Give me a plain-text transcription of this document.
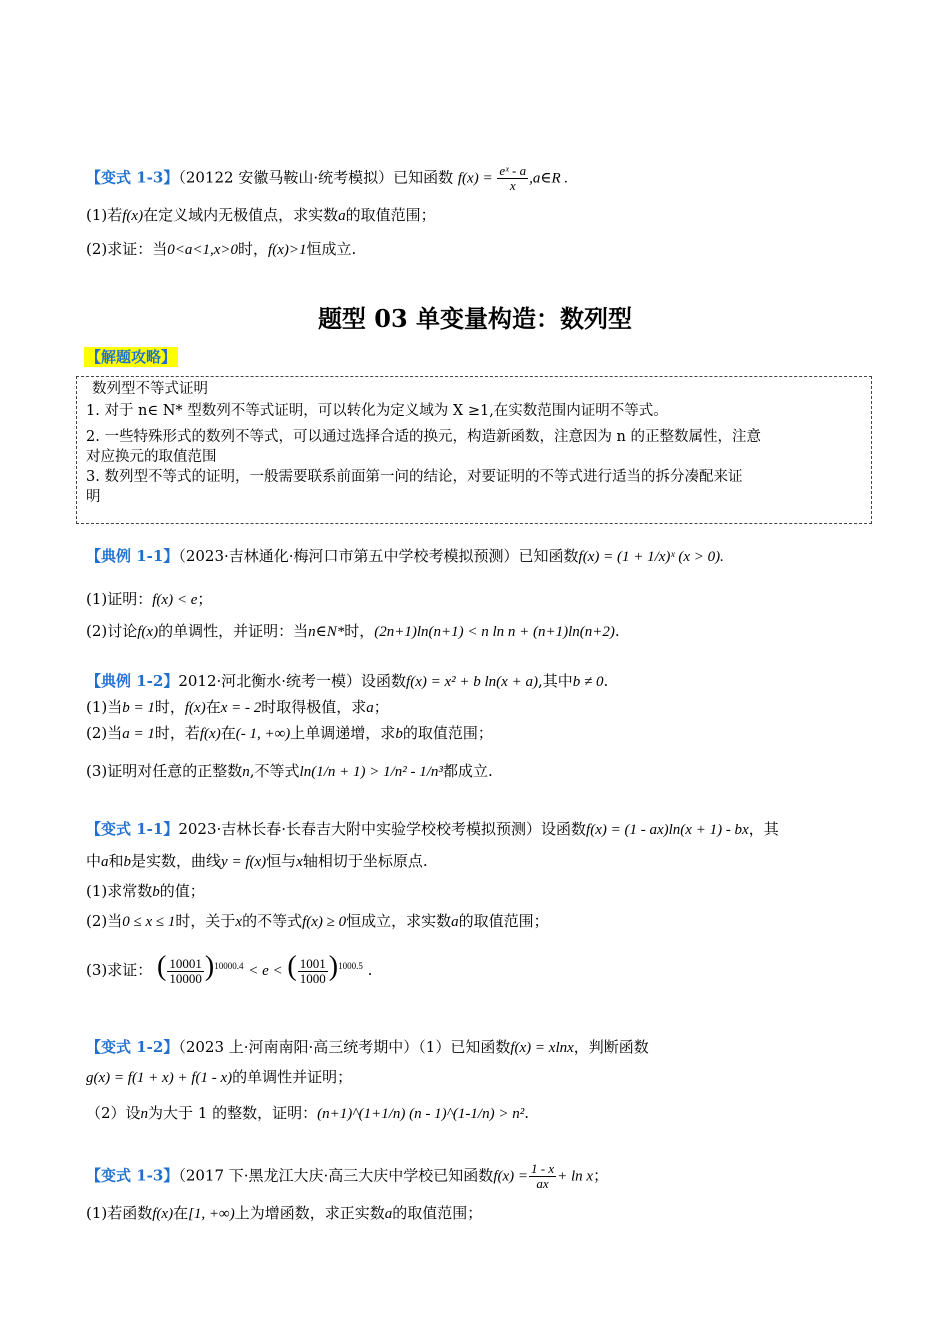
【变式 1-3】（20122 安徽马鞍山·统考模拟）已知函数 $f(x) = \frac{\text{eˣ - a}}{x}$ ,a∈R .
(1)若f(x)在定义域内无极值点，求实数a的取值范围；
(2)求证：当0<a<1,x>0时，f(x)>1恒成立.
题型 03 单变量构造：数列型
【解题攻略】
数列型不等式证明
1. 对于 n∈ N* 型数列不等式证明，可以转化为定义域为 X ≥1,在实数范围内证明不等式。
2. 一些特殊形式的数列不等式，可以通过选择合适的换元，构造新函数，注意因为 n 的正整数属性，注意
对应换元的取值范围
3. 数列型不等式的证明，一般需要联系前面第一问的结论，对要证明的不等式进行适当的拆分凑配来证
明
【典例 1-1】（2023·吉林通化·梅河口市第五中学校考模拟预测）已知函数f(x) = (1 + 1/x)ˣ (x > 0).
(1)证明：f(x) < e；
(2)讨论f(x)的单调性，并证明：当n∈N*时，(2n+1)ln(n+1) < n ln n + (n+1)ln(n+2).
【典例 1-2】2012·河北衡水·统考一模）设函数f(x) = x² + b ln(x + a),其中b ≠ 0.
(1)当b = 1时，f(x)在x = - 2时取得极值，求a；
(2)当a = 1时，若f(x)在(- 1, +∞)上单调递增，求b的取值范围；
(3)证明对任意的正整数n,不等式ln(1/n + 1) > 1/n² - 1/n³都成立.
【变式 1-1】2023·吉林长春·长春吉大附中实验学校校考模拟预测）设函数f(x) = (1 - ax)ln(x + 1) - bx，其
中a和b是实数，曲线y = f(x)恒与x轴相切于坐标原点.
(1)求常数b的值；
(2)当0 ≤ x ≤ 1时，关于x的不等式f(x) ≥ 0恒成立，求实数a的取值范围；
(3)求证： ( $\frac{10001}{10000} )^{10000.4} < e$ < ( $\frac{1001}{1000} )^{1000.5}$ .
【变式 1-2】（2023 上·河南南阳·高三统考期中）（1）已知函数f(x) = xlnx，判断函数
g(x) = f(1 + x) + f(1 - x)的单调性并证明；
（2）设n为大于 1 的整数，证明：(n+1)^(1+1/n) (n - 1)^(1-1/n) > n².
【变式 1-3】（2017 下·黑龙江大庆·高三大庆中学校已知函数$f(x) = \frac{1 - x}{ax} + \ln x$；
(1)若函数f(x)在[1, +∞)上为增函数，求正实数a的取值范围；
